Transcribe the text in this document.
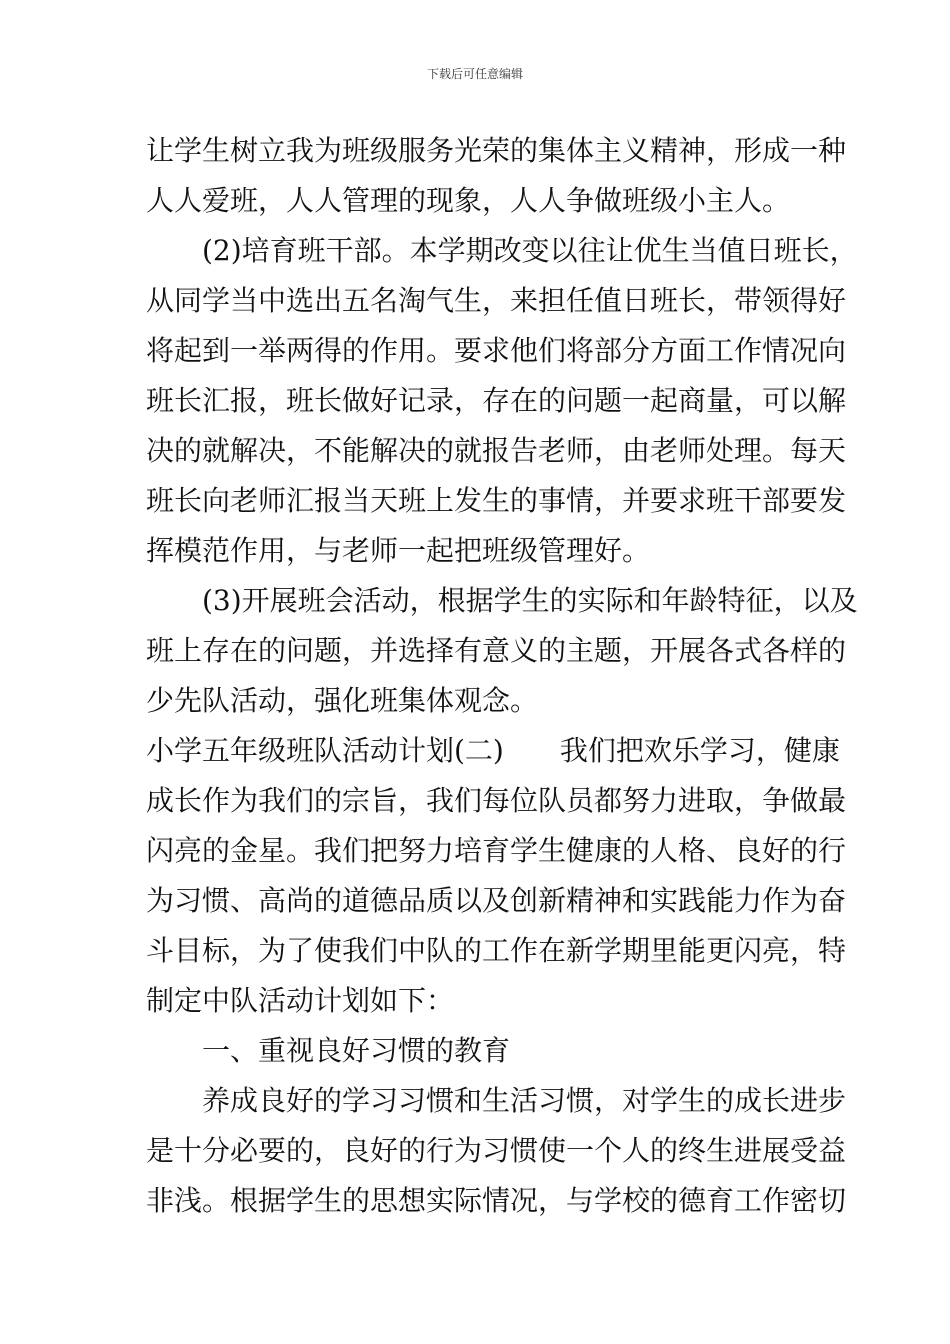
下载后可任意编辑
让学生树立我为班级服务光荣的集体主义精神，形成一种
人人爱班，人人管理的现象，人人争做班级小主人。
(2)培育班干部。本学期改变以往让优生当值日班长，
从同学当中选出五名淘气生，来担任值日班长，带领得好
将起到一举两得的作用。要求他们将部分方面工作情况向
班长汇报，班长做好记录，存在的问题一起商量，可以解
决的就解决，不能解决的就报告老师，由老师处理。每天
班长向老师汇报当天班上发生的事情，并要求班干部要发
挥模范作用，与老师一起把班级管理好。
(3)开展班会活动，根据学生的实际和年龄特征，以及
班上存在的问题，并选择有意义的主题，开展各式各样的
少先队活动，强化班集体观念。
小学五年级班队活动计划(二) 我们把欢乐学习，健康
成长作为我们的宗旨，我们每位队员都努力进取，争做最
闪亮的金星。我们把努力培育学生健康的人格、良好的行
为习惯、高尚的道德品质以及创新精神和实践能力作为奋
斗目标，为了使我们中队的工作在新学期里能更闪亮，特
制定中队活动计划如下：
一、重视良好习惯的教育
养成良好的学习习惯和生活习惯，对学生的成长进步
是十分必要的，良好的行为习惯使一个人的终生进展受益
非浅。根据学生的思想实际情况，与学校的德育工作密切
